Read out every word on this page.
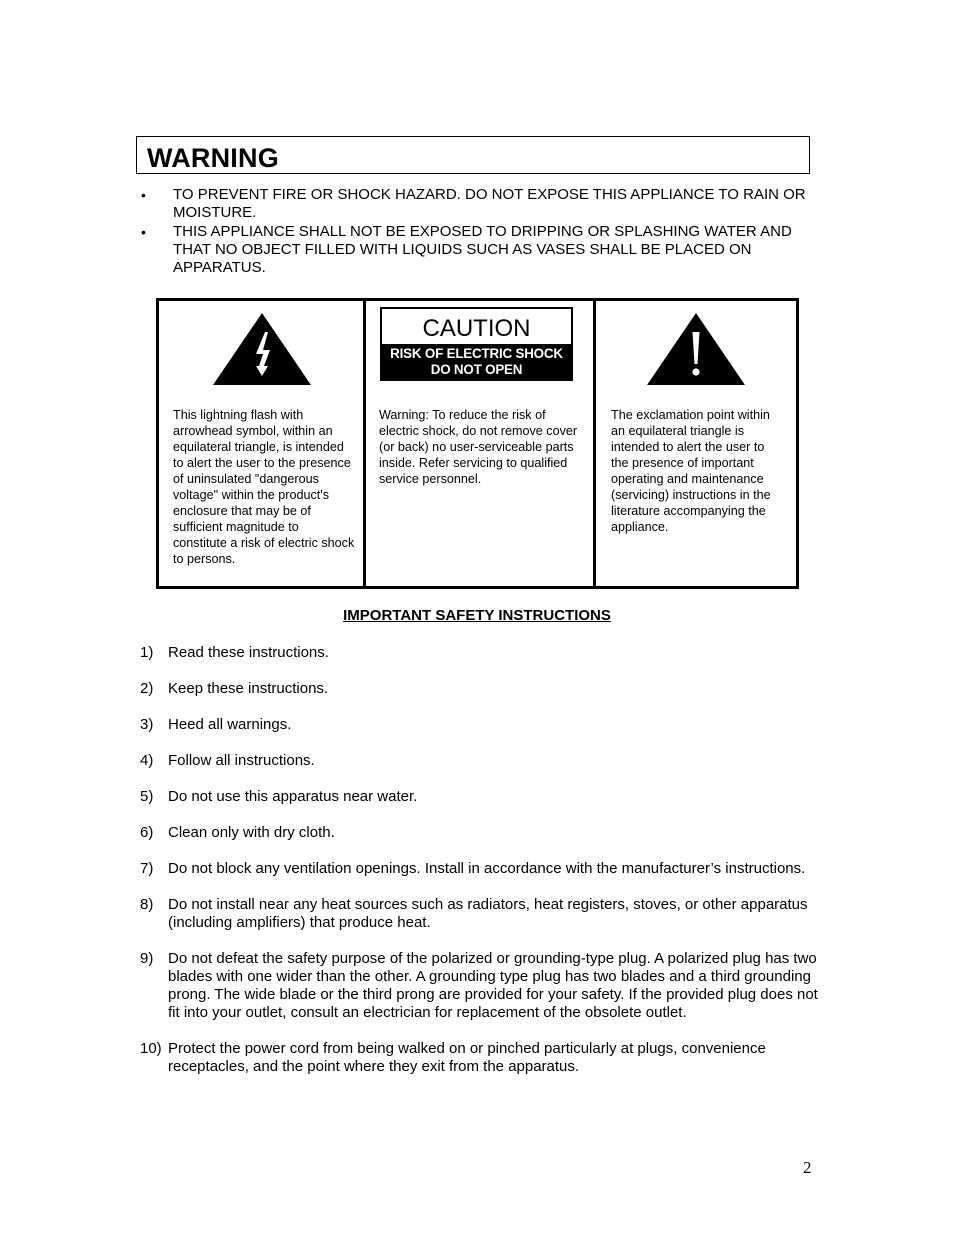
WARNING
• TO PREVENT FIRE OR SHOCK HAZARD. DO NOT EXPOSE THIS APPLIANCE TO RAIN OR MOISTURE.
• THIS APPLIANCE SHALL NOT BE EXPOSED TO DRIPPING OR SPLASHING WATER AND THAT NO OBJECT FILLED WITH LIQUIDS SUCH AS VASES SHALL BE PLACED ON APPARATUS.
This lightning flash with arrowhead symbol, within an equilateral triangle, is intended to alert the user to the presence of uninsulated "dangerous voltage" within the product's enclosure that may be of sufficient magnitude to constitute a risk of electric shock to persons.
CAUTION
RISK OF ELECTRIC SHOCK
DO NOT OPEN
Warning: To reduce the risk of electric shock, do not remove cover (or back) no user-serviceable parts inside. Refer servicing to qualified service personnel.
The exclamation point within an equilateral triangle is intended to alert the user to the presence of important operating and maintenance (servicing) instructions in the literature accompanying the appliance.
IMPORTANT SAFETY INSTRUCTIONS
1) Read these instructions.
2) Keep these instructions.
3) Heed all warnings.
4) Follow all instructions.
5) Do not use this apparatus near water.
6) Clean only with dry cloth.
7) Do not block any ventilation openings. Install in accordance with the manufacturer’s instructions.
8) Do not install near any heat sources such as radiators, heat registers, stoves, or other apparatus (including amplifiers) that produce heat.
9) Do not defeat the safety purpose of the polarized or grounding-type plug. A polarized plug has two blades with one wider than the other. A grounding type plug has two blades and a third grounding prong. The wide blade or the third prong are provided for your safety. If the provided plug does not fit into your outlet, consult an electrician for replacement of the obsolete outlet.
10) Protect the power cord from being walked on or pinched particularly at plugs, convenience receptacles, and the point where they exit from the apparatus.
2
